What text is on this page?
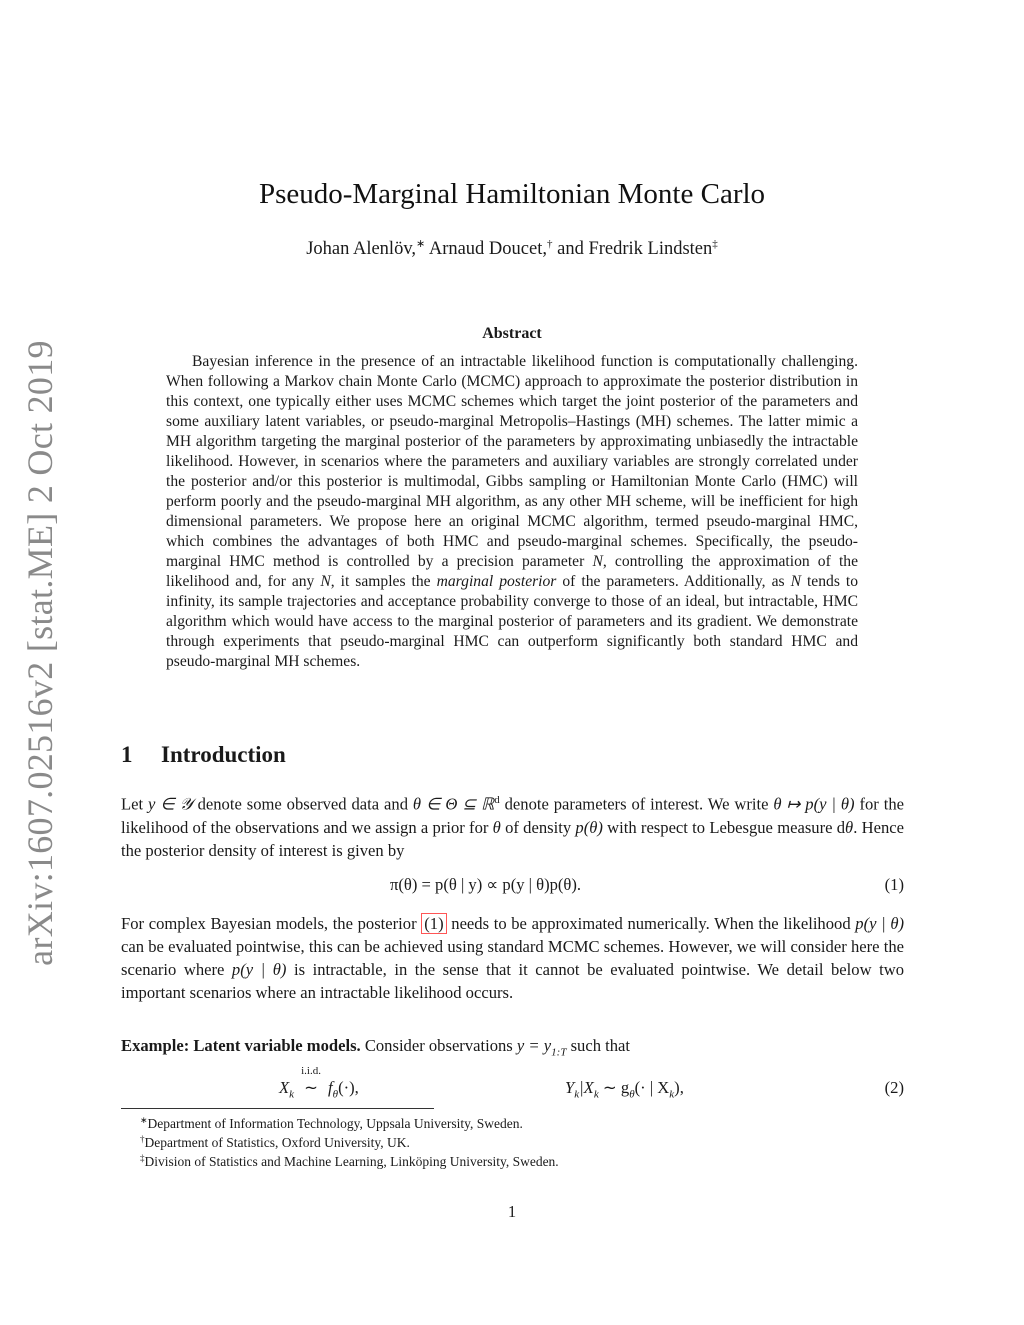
arXiv:1607.02516v2 [stat.ME] 2 Oct 2019
Pseudo-Marginal Hamiltonian Monte Carlo
Johan Alenlöv,∗ Arnaud Doucet,† and Fredrik Lindsten‡
Abstract

Bayesian inference in the presence of an intractable likelihood function is computationally challenging. When following a Markov chain Monte Carlo (MCMC) approach to approximate the posterior distribution in this context, one typically either uses MCMC schemes which target the joint posterior of the parameters and some auxiliary latent variables, or pseudo-marginal Metropolis–Hastings (MH) schemes. The latter mimic a MH algorithm targeting the marginal posterior of the parameters by approximating unbiasedly the intractable likelihood. However, in scenarios where the parameters and auxiliary variables are strongly correlated under the posterior and/or this posterior is multimodal, Gibbs sampling or Hamiltonian Monte Carlo (HMC) will perform poorly and the pseudo-marginal MH algorithm, as any other MH scheme, will be inefficient for high dimensional parameters. We propose here an original MCMC algorithm, termed pseudo-marginal HMC, which combines the advantages of both HMC and pseudo-marginal schemes. Specifically, the pseudo-marginal HMC method is controlled by a precision parameter N, controlling the approximation of the likelihood and, for any N, it samples the marginal posterior of the parameters. Additionally, as N tends to infinity, its sample trajectories and acceptance probability converge to those of an ideal, but intractable, HMC algorithm which would have access to the marginal posterior of parameters and its gradient. We demonstrate through experiments that pseudo-marginal HMC can outperform significantly both standard HMC and pseudo-marginal MH schemes.

1 Introduction

Let y ∈ 𝒴 denote some observed data and θ ∈ Θ ⊆ ℝ$^d$ denote parameters of interest. We write θ ↦ p(y | θ) for the likelihood of the observations and we assign a prior for θ of density p(θ) with respect to Lebesgue measure dθ. Hence the posterior density of interest is given by

π(θ) = p(θ | y) ∝ p(y | θ)p(θ).	(1)

For complex Bayesian models, the posterior (1) needs to be approximated numerically. When the likelihood p(y | θ) can be evaluated pointwise, this can be achieved using standard MCMC schemes. However, we will consider here the scenario where p(y | θ) is intractable, in the sense that it cannot be evaluated pointwise. We detail below two important scenarios where an intractable likelihood occurs.

Example: Latent variable models. Consider observations $y = y_{1:T}$ such that

$X_k$
i.i.d.
∼ $f_\theta(\cdot)$,	$Y_k|X_k$ ∼ $g_\theta(\cdot$ | $X_k$),	(2)
∗Department of Information Technology, Uppsala University, Sweden.
†Department of Statistics, Oxford University, UK.
‡Division of Statistics and Machine Learning, Linköping University, Sweden.
1
